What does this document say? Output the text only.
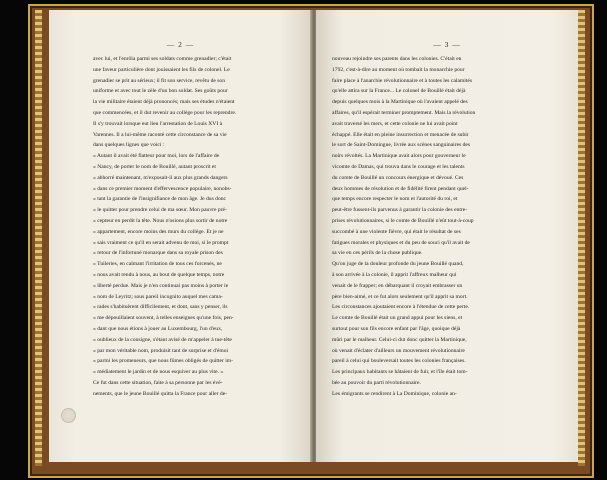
— 2 —
avec lui, et l'enrôla parmi ses soldats comme grenadier; c'était
une faveur particulière dont jouissaient les fils de colonel. Le
grenadier se prit au sérieux; il fit son service, revêtu de son
uniforme et avec tout le zèle d'un bon soldat. Ses goûts pour
la vie militaire étaient déjà prononcés; mais ses études n'étaient
que commencées, et il dut revenir au collège pour les reprendre.
Il s'y trouvait lorsque eut lieu l'arrestation de Louis XVI à
Varennes. Il a lui-même raconté cette circonstance de sa vie
dans quelques lignes que voici :
« Autant il avait été flatteur pour moi, lors de l'affaire de
« Nancy, de porter le nom de Bouillé, autant proscrit et
« abhorré maintenant, m'exposait-il aux plus grands dangers
« dans ce premier moment d'effervescence populaire, nonobs-
« tant la garantie de l'insignifiance de mon âge. Je dus donc
« le quitter pour prendre celui de ma sœur. Mon pauvre pré-
« cepteur en perdit la tête. Nous n'osions plus sortir de notre
« appartement, encore moins des murs du collège. Et je ne
« sais vraiment ce qu'il en serait advenu de moi, si le prompt
« retour de l'infortuné monarque dans sa royale prison des
« Tuileries, en calmant l'irritation de tous ces forcenés, ne
« nous avait rendu à nous, au bout de quelque temps, notre
« liberté perdue. Mais je n'en continuai pas moins à porter le
« nom de Leyritz; sous pareil incognito auquel mes cama-
« rades s'habituèrent difficilement, et dont, sans y penser, ils
« me dépouillaient souvent, à telles enseignes qu'une fois, pen-
« dant que nous étions à jouer au Luxembourg, l'un d'eux,
« oublieux de la consigne, s'étant avisé de m'appeler à tue-tête
« par mon véritable nom, produisit tant de surprise et d'émoi
« parmi les promeneurs, que nous fûmes obligés de quitter im-
« médiatement le jardin et de nous esquiver au plus vite. »
Ce fut dans cette situation, faite à sa personne par les évé-
nements, que le jeune Bouillé quitta la France pour aller de-
— 3 —
nouveau rejoindre ses parents dans les colonies. C'était en
1792, c'est-à-dire au moment où tombait la monarchie pour
faire place à l'anarchie révolutionnaire et à toutes les calamités
qu'elle attira sur la France... Le colonel de Bouillé était déjà
depuis quelques mois à la Martinique où l'avaient appelé des
affaires, qu'il espérait terminer promptement. Mais la révolution
avait traversé les mers, et cette colonie ne lui avait point
échappé. Elle était en pleine insurrection et menacée de subir
le sort de Saint-Domingue, livrée aux scènes sanguinaires des
noirs révoltés. La Martinique avait alors pour gouverneur le
vicomte de Damas, qui trouva dans le courage et les talents
du comte de Bouillé un concours énergique et dévoué. Ces
deux hommes de résolution et de fidélité firent pendant quel-
que temps encore respecter le nom et l'autorité du roi, et
peut-être fussent-ils parvenus à garantir la colonie des entre-
prises révolutionnaires, si le comte de Bouillé n'eût tout-à-coup
succombé à une violente fièvre, qui était le résultat de ses
fatigues morales et physiques et du peu de souci qu'il avait de
sa vie en ces périls de la chose publique.
Qu'on juge de la douleur profonde du jeune Bouillé quand,
à son arrivée à la colonie, il apprit l'affreux malheur qui
venait de le frapper; en débarquant il croyait embrasser un
père bien-aimé, et ce fut alors seulement qu'il apprit sa mort.
Les circonstances ajoutaient encore à l'étendue de cette perte.
Le comte de Bouillé était un grand appui pour les siens, et
surtout pour son fils encore enfant par l'âge, quoique déjà
mûri par le malheur. Celui-ci dut donc quitter la Martinique,
où venait d'éclater d'ailleurs un mouvement révolutionnaire
pareil à celui qui bouleversait toutes les colonies françaises.
Les principaux habitants se hâtaient de fuir, et l'île était tom-
bée au pouvoir du parti révolutionnaire.
Les émigrants se rendirent à La Dominique, colonie an-
